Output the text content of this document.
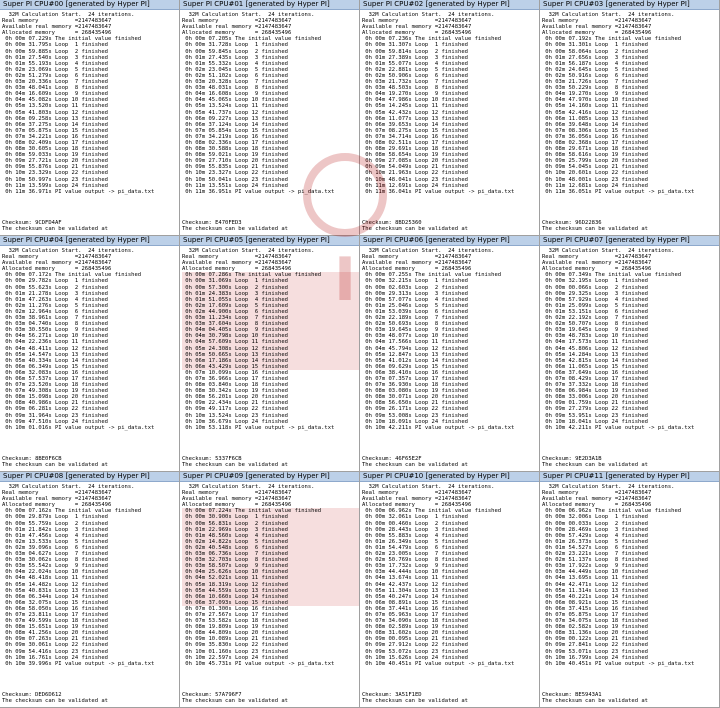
Super PI CPU#00 [generated by Hyper PI]
32M Calculation Start.  24 iterations.
Real memory           =2147483647
Available real memory =2147483647
Allocated memory      = 268435496
0h 00m 07.229s The initial value finished
0h 00m 31.795s Loop  1 finished
0h 00m 59.885s Loop  2 finished
0h 01m 27.540s Loop  3 finished
0h 01m 55.193s Loop  4 finished
0h 02m 23.069s Loop  5 finished
0h 02m 51.279s Loop  6 finished
0h 03m 20.336s Loop  7 finished
0h 03m 48.041s Loop  8 finished
0h 04m 16.609s Loop  9 finished
0h 04m 45.082s Loop 10 finished
0h 05m 13.520s Loop 11 finished
0h 05m 41.803s Loop 12 finished
0h 06m 09.258s Loop 13 finished
0h 06m 37.275s Loop 14 finished
0h 07m 05.875s Loop 15 finished
0h 07m 34.221s Loop 16 finished
0h 08m 02.409s Loop 17 finished
0h 08m 30.605s Loop 18 finished
0h 08m 59.033s Loop 19 finished
0h 09m 27.721s Loop 20 finished
0h 09m 55.876s Loop 21 finished
0h 10m 23.329s Loop 22 finished
0h 10m 50.997s Loop 23 finished
0h 11m 13.599s Loop 24 finished
0h 11m 36.971s PI value output -> pi_data.txt
Checksum: 9CDFD4AF
The checksum can be validated at
Super PI CPU#01 [generated by Hyper PI]
32M Calculation Start.  24 iterations.
Real memory           =2147483647
Available real memory =2147483647
Allocated memory      = 268435496
0h 00m 07.205s The initial value finished
0h 00m 31.728s Loop  1 finished
0h 00m 59.845s Loop  2 finished
0h 01m 27.435s Loop  3 finished
0h 01m 55.332s Loop  4 finished
0h 02m 23.045s Loop  5 finished
0h 02m 51.102s Loop  6 finished
0h 03m 20.328s Loop  7 finished
0h 03m 48.031s Loop  8 finished
0h 04m 16.608s Loop  9 finished
0h 04m 45.065s Loop 10 finished
0h 05m 13.524s Loop 11 finished
0h 05m 41.737s Loop 12 finished
0h 06m 09.227s Loop 13 finished
0h 06m 37.124s Loop 14 finished
0h 07m 05.854s Loop 15 finished
0h 07m 34.219s Loop 16 finished
0h 08m 02.336s Loop 17 finished
0h 08m 30.588s Loop 18 finished
0h 08m 59.021s Loop 19 finished
0h 09m 27.710s Loop 20 finished
0h 09m 55.835s Loop 21 finished
0h 10m 23.327s Loop 22 finished
0h 10m 50.041s Loop 23 finished
0h 11m 13.551s Loop 24 finished
0h 11m 36.951s PI value output -> pi_data.txt
Checksum: E470FED3
The checksum can be validated at
Super PI CPU#02 [generated by Hyper PI]
32M Calculation Start.  24 iterations.
Real memory           =2147483647
Available real memory =2147483647
Allocated memory      = 268435496
0h 00m 07.236s The initial value finished
0h 00m 31.307s Loop  1 finished
0h 00m 59.814s Loop  2 finished
0h 01m 27.389s Loop  3 finished
0h 01m 55.077s Loop  4 finished
0h 02m 22.881s Loop  5 finished
0h 02m 50.906s Loop  6 finished
0h 03m 21.732s Loop  7 finished
0h 03m 48.503s Loop  8 finished
0h 04m 19.270s Loop  9 finished
0h 04m 47.986s Loop 10 finished
0h 05m 14.245s Loop 11 finished
0h 05m 42.432s Loop 12 finished
0h 06m 11.077s Loop 13 finished
0h 06m 39.653s Loop 14 finished
0h 07m 08.275s Loop 15 finished
0h 07m 34.714s Loop 16 finished
0h 08m 02.511s Loop 17 finished
0h 08m 29.691s Loop 18 finished
0h 08m 58.654s Loop 19 finished
0h 09m 27.085s Loop 20 finished
0h 09m 54.049s Loop 21 finished
0h 10m 21.963s Loop 22 finished
0h 10m 48.041s Loop 23 finished
0h 11m 12.691s Loop 24 finished
0h 11m 36.041s PI value output -> pi_data.txt
Checksum: 8BD25360
The checksum can be validated at
Super PI CPU#03 [generated by Hyper PI]
32M Calculation Start.  24 iterations.
Real memory           =2147483647
Available real memory =2147483647
Allocated memory      = 268435496
0h 00m 07.192s The initial value finished
0h 00m 31.301s Loop  1 finished
0h 00m 58.064s Loop  2 finished
0h 01m 27.656s Loop  3 finished
0h 01m 56.187s Loop  4 finished
0h 02m 24.645s Loop  5 finished
0h 02m 50.916s Loop  6 finished
0h 03m 21.726s Loop  7 finished
0h 03m 50.229s Loop  8 finished
0h 04m 19.270s Loop  9 finished
0h 04m 47.970s Loop 10 finished
0h 05m 14.160s Loop 11 finished
0h 05m 42.416s Loop 12 finished
0h 06m 11.085s Loop 13 finished
0h 06m 39.648s Loop 14 finished
0h 07m 08.306s Loop 15 finished
0h 07m 36.056s Loop 16 finished
0h 08m 02.368s Loop 17 finished
0h 08m 29.671s Loop 18 finished
0h 08m 58.616s Loop 19 finished
0h 09m 25.799s Loop 20 finished
0h 09m 54.045s Loop 21 finished
0h 10m 20.601s Loop 22 finished
0h 10m 48.001s Loop 23 finished
0h 11m 12.681s Loop 24 finished
0h 11m 36.051s PI value output -> pi_data.txt
Checksum: 96D22836
The checksum can be validated at
Super PI CPU#04 [generated by Hyper PI]
32M Calculation Start.  24 iterations.
Real memory           =2147483647
Available real memory =2147483647
Allocated memory      = 268435496
0h 00m 07.172s The initial value finished
0h 00m 29.782s Loop  1 finished
0h 00m 55.623s Loop  2 finished
0h 01m 21.278s Loop  3 finished
0h 01m 47.263s Loop  4 finished
0h 02m 11.276s Loop  5 finished
0h 02m 12.964s Loop  6 finished
0h 03m 38.961s Loop  7 finished
0h 03m 04.740s Loop  8 finished
0h 03m 30.550s Loop  9 finished
0h 04m 56.271s Loop 10 finished
0h 04m 22.236s Loop 11 finished
0h 04m 48.411s Loop 12 finished
0h 05m 14.547s Loop 13 finished
0h 05m 40.334s Loop 14 finished
0h 06m 06.349s Loop 15 finished
0h 06m 32.083s Loop 16 finished
0h 06m 57.537s Loop 17 finished
0h 07m 23.520s Loop 18 finished
0h 07m 49.308s Loop 19 finished
0h 08m 15.098s Loop 20 finished
0h 08m 40.986s Loop 21 finished
0h 09m 06.281s Loop 22 finished
0h 09m 31.964s Loop 23 finished
0h 09m 47.510s Loop 24 finished
0h 10m 01.016s PI value output -> pi_data.txt
Checksum: 8BE0F6CB
The checksum can be validated at
Super PI CPU#05 [generated by Hyper PI]
32M Calculation Start.  24 iterations.
Real memory           =2147483647
Available real memory =2147483647
Allocated memory      = 268435496
0h 00m 07.286s The initial value finished
0h 00m 31.069s Loop  1 finished
0h 00m 57.300s Loop  2 finished
0h 01m 24.383s Loop  3 finished
0h 01m 51.055s Loop  4 finished
0h 02m 17.609s Loop  5 finished
0h 02m 44.900s Loop  6 finished
0h 03m 11.234s Loop  7 finished
0h 03m 37.604s Loop  8 finished
0h 04m 04.405s Loop  9 finished
0h 04m 30.798s Loop 10 finished
0h 04m 57.609s Loop 11 finished
0h 05m 24.308s Loop 12 finished
0h 05m 50.665s Loop 13 finished
0h 06m 17.186s Loop 14 finished
0h 06m 43.429s Loop 15 finished
0h 07m 10.099s Loop 16 finished
0h 07m 36.966s Loop 17 finished
0h 08m 03.840s Loop 18 finished
0h 08m 30.342s Loop 19 finished
0h 08m 56.201s Loop 20 finished
0h 09m 22.434s Loop 21 finished
0h 09m 49.117s Loop 22 finished
0h 10m 13.524s Loop 23 finished
0h 10m 36.679s Loop 24 finished
0h 10m 53.118s PI value output -> pi_data.txt
Checksum: 5337F6CB
The checksum can be validated at
Super PI CPU#06 [generated by Hyper PI]
32M Calculation Start.  24 iterations.
Real memory           =2147483647
Available real memory =2147483647
Allocated memory      = 268435496
0h 00m 07.255s The initial value finished
0h 00m 32.215s Loop  1 finished
0h 00m 02.603s Loop  2 finished
0h 00m 29.313s Loop  3 finished
0h 00m 57.077s Loop  4 finished
0h 01m 25.046s Loop  5 finished
0h 01m 53.039s Loop  6 finished
0h 02m 22.189s Loop  7 finished
0h 02m 50.693s Loop  8 finished
0h 03m 19.645s Loop  9 finished
0h 03m 48.077s Loop 10 finished
0h 04m 17.566s Loop 11 finished
0h 04m 45.794s Loop 12 finished
0h 05m 12.847s Loop 13 finished
0h 05m 41.012s Loop 14 finished
0h 06m 09.629s Loop 15 finished
0h 06m 38.410s Loop 16 finished
0h 07m 07.357s Loop 17 finished
0h 07m 36.930s Loop 18 finished
0h 08m 03.080s Loop 19 finished
0h 08m 30.071s Loop 20 finished
0h 08m 56.650s Loop 21 finished
0h 09m 26.171s Loop 22 finished
0h 09m 53.008s Loop 23 finished
0h 10m 18.091s Loop 24 finished
0h 10m 42.211s PI value output -> pi_data.txt
Checksum: 46F65E2F
The checksum can be validated at
Super PI CPU#07 [generated by Hyper PI]
32M Calculation Start.  24 iterations.
Real memory           =2147483647
Available real memory =2147483647
Allocated memory      = 268435496
0h 00m 07.349s The initial value finished
0h 00m 32.195s Loop  1 finished
0h 00m 00.066s Loop  2 finished
0h 00m 29.325s Loop  3 finished
0h 00m 57.929s Loop  4 finished
0h 01m 25.099s Loop  5 finished
0h 01m 53.151s Loop  6 finished
0h 02m 22.192s Loop  7 finished
0h 02m 50.707s Loop  8 finished
0h 03m 19.645s Loop  9 finished
0h 03m 48.783s Loop 10 finished
0h 04m 17.573s Loop 11 finished
0h 04m 45.806s Loop 12 finished
0h 05m 14.284s Loop 13 finished
0h 05m 42.815s Loop 14 finished
0h 06m 11.065s Loop 15 finished
0h 06m 37.649s Loop 16 finished
0h 07m 08.429s Loop 17 finished
0h 07m 37.332s Loop 18 finished
0h 08m 06.984s Loop 19 finished
0h 08m 33.006s Loop 20 finished
0h 09m 01.759s Loop 21 finished
0h 09m 27.279s Loop 22 finished
0h 09m 53.951s Loop 23 finished
0h 10m 18.041s Loop 24 finished
0h 10m 42.211s PI value output -> pi_data.txt
Checksum: 9E2D3A1B
The checksum can be validated at
Super PI CPU#08 [generated by Hyper PI]
32M Calculation Start.  24 iterations.
Real memory           =2147483647
Available real memory =2147483647
Allocated memory      = 268435496
0h 00m 07.162s The initial value finished
0h 00m 29.879s Loop  1 finished
0h 00m 55.759s Loop  2 finished
0h 01m 21.842s Loop  3 finished
0h 01m 47.456s Loop  4 finished
0h 02m 13.533s Loop  5 finished
0h 02m 39.096s Loop  6 finished
0h 03m 04.627s Loop  7 finished
0h 03m 30.062s Loop  8 finished
0h 03m 55.542s Loop  9 finished
0h 04m 22.024s Loop 10 finished
0h 04m 48.418s Loop 11 finished
0h 05m 14.482s Loop 12 finished
0h 05m 40.831s Loop 13 finished
0h 06m 06.344s Loop 14 finished
0h 06m 32.075s Loop 15 finished
0h 06m 58.050s Loop 16 finished
0h 07m 23.811s Loop 17 finished
0h 07m 49.599s Loop 18 finished
0h 08m 15.651s Loop 19 finished
0h 08m 41.256s Loop 20 finished
0h 09m 07.263s Loop 21 finished
0h 09m 30.061s Loop 22 finished
0h 09m 54.416s Loop 23 finished
0h 10m 16.761s Loop 24 finished
0h 10m 39.996s PI value output -> pi_data.txt
Checksum: DED6D612
The checksum can be validated at
Super PI CPU#09 [generated by Hyper PI]
32M Calculation Start.  24 iterations.
Real memory           =2147483647
Available real memory =2147483647
Allocated memory      = 268435496
0h 00m 07.224s The initial value finished
0h 00m 30.900s Loop  1 finished
0h 00m 56.831s Loop  2 finished
0h 01m 22.969s Loop  3 finished
0h 01m 48.560s Loop  4 finished
0h 02m 14.822s Loop  5 finished
0h 02m 40.548s Loop  6 finished
0h 03m 06.736s Loop  7 finished
0h 03m 32.703s Loop  8 finished
0h 03m 58.507s Loop  9 finished
0h 04m 25.626s Loop 10 finished
0h 04m 52.021s Loop 11 finished
0h 05m 18.319s Loop 12 finished
0h 05m 44.559s Loop 13 finished
0h 06m 10.660s Loop 14 finished
0h 06m 37.093s Loop 15 finished
0h 07m 01.300s Loop 16 finished
0h 07m 27.567s Loop 17 finished
0h 07m 53.582s Loop 18 finished
0h 08m 19.809s Loop 19 finished
0h 08m 44.809s Loop 20 finished
0h 09m 10.089s Loop 21 finished
0h 09m 35.830s Loop 22 finished
0h 10m 01.160s Loop 23 finished
0h 10m 22.597s Loop 24 finished
0h 10m 45.731s PI value output -> pi_data.txt
Checksum: 57A796F7
The checksum can be validated at
Super PI CPU#10 [generated by Hyper PI]
32M Calculation Start.  24 iterations.
Real memory           =2147483647
Available real memory =2147483647
Allocated memory      = 268435496
0h 00m 06.962s The initial value finished
0h 00m 32.061s Loop  1 finished
0h 00m 00.460s Loop  2 finished
0h 00m 28.443s Loop  3 finished
0h 00m 55.883s Loop  4 finished
0h 01m 26.349s Loop  5 finished
0h 01m 54.479s Loop  6 finished
0h 02m 23.005s Loop  7 finished
0h 02m 50.769s Loop  8 finished
0h 03m 17.732s Loop  9 finished
0h 03m 44.444s Loop 10 finished
0h 04m 13.674s Loop 11 finished
0h 04m 42.437s Loop 12 finished
0h 05m 11.304s Loop 13 finished
0h 05m 40.247s Loop 14 finished
0h 06m 08.891s Loop 15 finished
0h 06m 37.441s Loop 16 finished
0h 07m 05.963s Loop 17 finished
0h 07m 34.090s Loop 18 finished
0h 08m 02.589s Loop 19 finished
0h 08m 31.602s Loop 20 finished
0h 09m 00.095s Loop 21 finished
0h 09m 27.912s Loop 22 finished
0h 09m 53.072s Loop 23 finished
0h 10m 15.626s Loop 24 finished
0h 10m 40.451s PI value output -> pi_data.txt
Checksum: 3A51F1ED
The checksum can be validated at
Super PI CPU#11 [generated by Hyper PI]
32M Calculation Start.  24 iterations.
Real memory           =2147483647
Available real memory =2147483647
Allocated memory      = 268435496
0h 00m 06.962s The initial value finished
0h 00m 32.006s Loop  1 finished
0h 00m 00.033s Loop  2 finished
0h 00m 28.469s Loop  3 finished
0h 00m 57.429s Loop  4 finished
0h 01m 26.373s Loop  5 finished
0h 01m 54.527s Loop  6 finished
0h 02m 23.221s Loop  7 finished
0h 02m 51.137s Loop  8 finished
0h 03m 17.922s Loop  9 finished
0h 03m 44.449s Loop 10 finished
0h 04m 13.695s Loop 11 finished
0h 04m 42.471s Loop 12 finished
0h 05m 11.314s Loop 13 finished
0h 05m 40.221s Loop 14 finished
0h 06m 08.921s Loop 15 finished
0h 06m 37.415s Loop 16 finished
0h 07m 05.875s Loop 17 finished
0h 07m 34.075s Loop 18 finished
0h 08m 02.582s Loop 19 finished
0h 08m 31.136s Loop 20 finished
0h 09m 00.122s Loop 21 finished
0h 09m 27.841s Loop 22 finished
0h 09m 53.071s Loop 23 finished
0h 10m 16.799s Loop 24 finished
0h 10m 40.451s PI value output -> pi_data.txt
Checksum: BE5943A1
The checksum can be validated at
I
